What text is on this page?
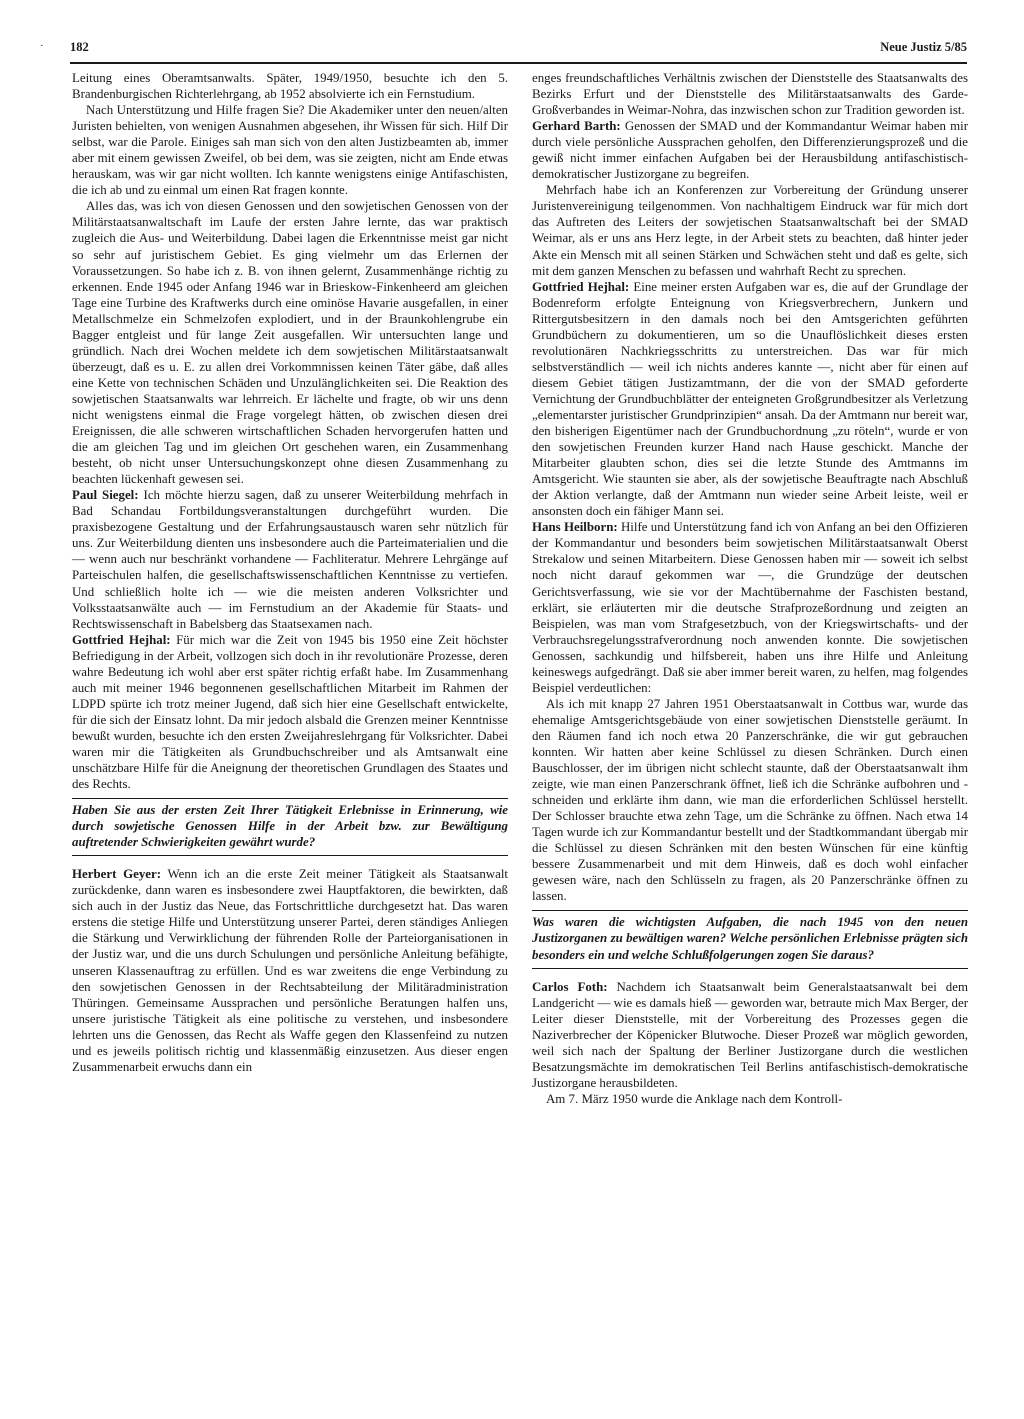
· 182	Neue Justiz 5/85

Leitung eines Oberamtsanwalts. Später, 1949/1950, besuchte ich den 5. Brandenburgischen Richterlehrgang, ab 1952 absolvierte ich ein Fernstudium.

Nach Unterstützung und Hilfe fragen Sie? Die Akademiker unter den neuen/alten Juristen behielten, von wenigen Ausnahmen abgesehen, ihr Wissen für sich. Hilf Dir selbst, war die Parole. Einiges sah man sich von den alten Justizbeamten ab, immer aber mit einem gewissen Zweifel, ob bei dem, was sie zeigten, nicht am Ende etwas herauskam, was wir gar nicht wollten. Ich kannte wenigstens einige Antifaschisten, die ich ab und zu einmal um einen Rat fragen konnte.

Alles das, was ich von diesen Genossen und den sowjetischen Genossen von der Militärstaatsanwaltschaft im Laufe der ersten Jahre lernte, das war praktisch zugleich die Aus- und Weiterbildung. Dabei lagen die Erkenntnisse meist gar nicht so sehr auf juristischem Gebiet. Es ging vielmehr um das Erlernen der Voraussetzungen. So habe ich z. B. von ihnen gelernt, Zusammenhänge richtig zu erkennen. Ende 1945 oder Anfang 1946 war in Brieskow-Finkenheerd am gleichen Tage eine Turbine des Kraftwerks durch eine ominöse Havarie ausgefallen, in einer Metallschmelze ein Schmelzofen explodiert, und in der Braunkohlengrube ein Bagger entgleist und für lange Zeit ausgefallen. Wir untersuchten lange und gründlich. Nach drei Wochen meldete ich dem sowjetischen Militärstaatsanwalt überzeugt, daß es u. E. zu allen drei Vorkommnissen keinen Täter gäbe, daß alles eine Kette von technischen Schäden und Unzulänglichkeiten sei. Die Reaktion des sowjetischen Staatsanwalts war lehrreich. Er lächelte und fragte, ob wir uns denn nicht wenigstens einmal die Frage vorgelegt hätten, ob zwischen diesen drei Ereignissen, die alle schweren wirtschaftlichen Schaden hervorgerufen hatten und die am gleichen Tag und im gleichen Ort geschehen waren, ein Zusammenhang besteht, ob nicht unser Untersuchungskonzept ohne diesen Zusammenhang zu beachten lückenhaft gewesen sei.

Paul Siegel: Ich möchte hierzu sagen, daß zu unserer Weiterbildung mehrfach in Bad Schandau Fortbildungsveranstaltungen durchgeführt wurden. Die praxisbezogene Gestaltung und der Erfahrungsaustausch waren sehr nützlich für uns. Zur Weiterbildung dienten uns insbesondere auch die Parteimaterialien und die — wenn auch nur beschränkt vorhandene — Fachliteratur. Mehrere Lehrgänge auf Parteischulen halfen, die gesellschaftswissenschaftlichen Kenntnisse zu vertiefen. Und schließlich holte ich — wie die meisten anderen Volksrichter und Volksstaatsanwälte auch — im Fernstudium an der Akademie für Staats- und Rechtswissenschaft in Babelsberg das Staatsexamen nach.

Gottfried Hejhal: Für mich war die Zeit von 1945 bis 1950 eine Zeit höchster Befriedigung in der Arbeit, vollzogen sich doch in ihr revolutionäre Prozesse, deren wahre Bedeutung ich wohl aber erst später richtig erfaßt habe. Im Zusammenhang auch mit meiner 1946 begonnenen gesellschaftlichen Mitarbeit im Rahmen der LDPD spürte ich trotz meiner Jugend, daß sich hier eine Gesellschaft entwickelte, für die sich der Einsatz lohnt. Da mir jedoch alsbald die Grenzen meiner Kenntnisse bewußt wurden, besuchte ich den ersten Zweijahreslehrgang für Volksrichter. Dabei waren mir die Tätigkeiten als Grundbuchschreiber und als Amtsanwalt eine unschätzbare Hilfe für die Aneignung der theoretischen Grundlagen des Staates und des Rechts.

Haben Sie aus der ersten Zeit Ihrer Tätigkeit Erlebnisse in Erinnerung, wie durch sowjetische Genossen Hilfe in der Arbeit bzw. zur Bewältigung auftretender Schwierigkeiten gewährt wurde?

Herbert Geyer: Wenn ich an die erste Zeit meiner Tätigkeit als Staatsanwalt zurückdenke, dann waren es insbesondere zwei Hauptfaktoren, die bewirkten, daß sich auch in der Justiz das Neue, das Fortschrittliche durchgesetzt hat. Das waren erstens die stetige Hilfe und Unterstützung unserer Partei, deren ständiges Anliegen die Stärkung und Verwirklichung der führenden Rolle der Parteiorganisationen in der Justiz war, und die uns durch Schulungen und persönliche Anleitung befähigte, unseren Klassenauftrag zu erfüllen. Und es war zweitens die enge Verbindung zu den sowjetischen Genossen in der Rechtsabteilung der Militäradministration Thüringen. Gemeinsame Aussprachen und persönliche Beratungen halfen uns, unsere juristische Tätigkeit als eine politische zu verstehen, und insbesondere lehrten uns die Genossen, das Recht als Waffe gegen den Klassenfeind zu nutzen und es jeweils politisch richtig und klassenmäßig einzusetzen. Aus dieser engen Zusammenarbeit erwuchs dann ein

enges freundschaftliches Verhältnis zwischen der Dienststelle des Staatsanwalts des Bezirks Erfurt und der Dienststelle des Militärstaatsanwalts des Garde-Großverbandes in Weimar-Nohra, das inzwischen schon zur Tradition geworden ist.

Gerhard Barth: Genossen der SMAD und der Kommandantur Weimar haben mir durch viele persönliche Aussprachen geholfen, den Differenzierungsprozeß und die gewiß nicht immer einfachen Aufgaben bei der Herausbildung antifaschistisch-demokratischer Justizorgane zu begreifen.

Mehrfach habe ich an Konferenzen zur Vorbereitung der Gründung unserer Juristenvereinigung teilgenommen. Von nachhaltigem Eindruck war für mich dort das Auftreten des Leiters der sowjetischen Staatsanwaltschaft bei der SMAD Weimar, als er uns ans Herz legte, in der Arbeit stets zu beachten, daß hinter jeder Akte ein Mensch mit all seinen Stärken und Schwächen steht und daß es gelte, sich mit dem ganzen Menschen zu befassen und wahrhaft Recht zu sprechen.

Gottfried Hejhal: Eine meiner ersten Aufgaben war es, die auf der Grundlage der Bodenreform erfolgte Enteignung von Kriegsverbrechern, Junkern und Rittergutsbesitzern in den damals noch bei den Amtsgerichten geführten Grundbüchern zu dokumentieren, um so die Unauflöslichkeit dieses ersten revolutionären Nachkriegsschritts zu unterstreichen. Das war für mich selbstverständlich — weil ich nichts anderes kannte —, nicht aber für einen auf diesem Gebiet tätigen Justizamtmann, der die von der SMAD geforderte Vernichtung der Grundbuchblätter der enteigneten Großgrundbesitzer als Verletzung „elementarster juristischer Grundprinzipien“ ansah. Da der Amtmann nur bereit war, den bisherigen Eigentümer nach der Grundbuchordnung „zu röteln“, wurde er von den sowjetischen Freunden kurzer Hand nach Hause geschickt. Manche der Mitarbeiter glaubten schon, dies sei die letzte Stunde des Amtmanns im Amtsgericht. Wie staunten sie aber, als der sowjetische Beauftragte nach Abschluß der Aktion verlangte, daß der Amtmann nun wieder seine Arbeit leiste, weil er ansonsten doch ein fähiger Mann sei.

Hans Heilborn: Hilfe und Unterstützung fand ich von Anfang an bei den Offizieren der Kommandantur und besonders beim sowjetischen Militärstaatsanwalt Oberst Strekalow und seinen Mitarbeitern. Diese Genossen haben mir — soweit ich selbst noch nicht darauf gekommen war —, die Grundzüge der deutschen Gerichtsverfassung, wie sie vor der Machtübernahme der Faschisten bestand, erklärt, sie erläuterten mir die deutsche Strafprozeßordnung und zeigten an Beispielen, was man vom Strafgesetzbuch, von der Kriegswirtschafts- und der Verbrauchsregelungsstrafverordnung noch anwenden konnte. Die sowjetischen Genossen, sachkundig und hilfsbereit, haben uns ihre Hilfe und Anleitung keineswegs aufgedrängt. Daß sie aber immer bereit waren, zu helfen, mag folgendes Beispiel verdeutlichen:

Als ich mit knapp 27 Jahren 1951 Oberstaatsanwalt in Cottbus war, wurde das ehemalige Amtsgerichtsgebäude von einer sowjetischen Dienststelle geräumt. In den Räumen fand ich noch etwa 20 Panzerschränke, die wir gut gebrauchen konnten. Wir hatten aber keine Schlüssel zu diesen Schränken. Durch einen Bauschlosser, der im übrigen nicht schlecht staunte, daß der Oberstaatsanwalt ihm zeigte, wie man einen Panzerschrank öffnet, ließ ich die Schränke aufbohren und -schneiden und erklärte ihm dann, wie man die erforderlichen Schlüssel herstellt. Der Schlosser brauchte etwa zehn Tage, um die Schränke zu öffnen. Nach etwa 14 Tagen wurde ich zur Kommandantur bestellt und der Stadtkommandant übergab mir die Schlüssel zu diesen Schränken mit den besten Wünschen für eine künftig bessere Zusammenarbeit und mit dem Hinweis, daß es doch wohl einfacher gewesen wäre, nach den Schlüsseln zu fragen, als 20 Panzerschränke öffnen zu lassen.

Was waren die wichtigsten Aufgaben, die nach 1945 von den neuen Justizorganen zu bewältigen waren? Welche persönlichen Erlebnisse prägten sich besonders ein und welche Schlußfolgerungen zogen Sie daraus?

Carlos Foth: Nachdem ich Staatsanwalt beim Generalstaatsanwalt bei dem Landgericht — wie es damals hieß — geworden war, betraute mich Max Berger, der Leiter dieser Dienststelle, mit der Vorbereitung des Prozesses gegen die Naziverbrecher der Köpenicker Blutwoche. Dieser Prozeß war möglich geworden, weil sich nach der Spaltung der Berliner Justizorgane durch die westlichen Besatzungsmächte im demokratischen Teil Berlins antifaschistisch-demokratische Justizorgane herausbildeten.

Am 7. März 1950 wurde die Anklage nach dem Kontroll-
